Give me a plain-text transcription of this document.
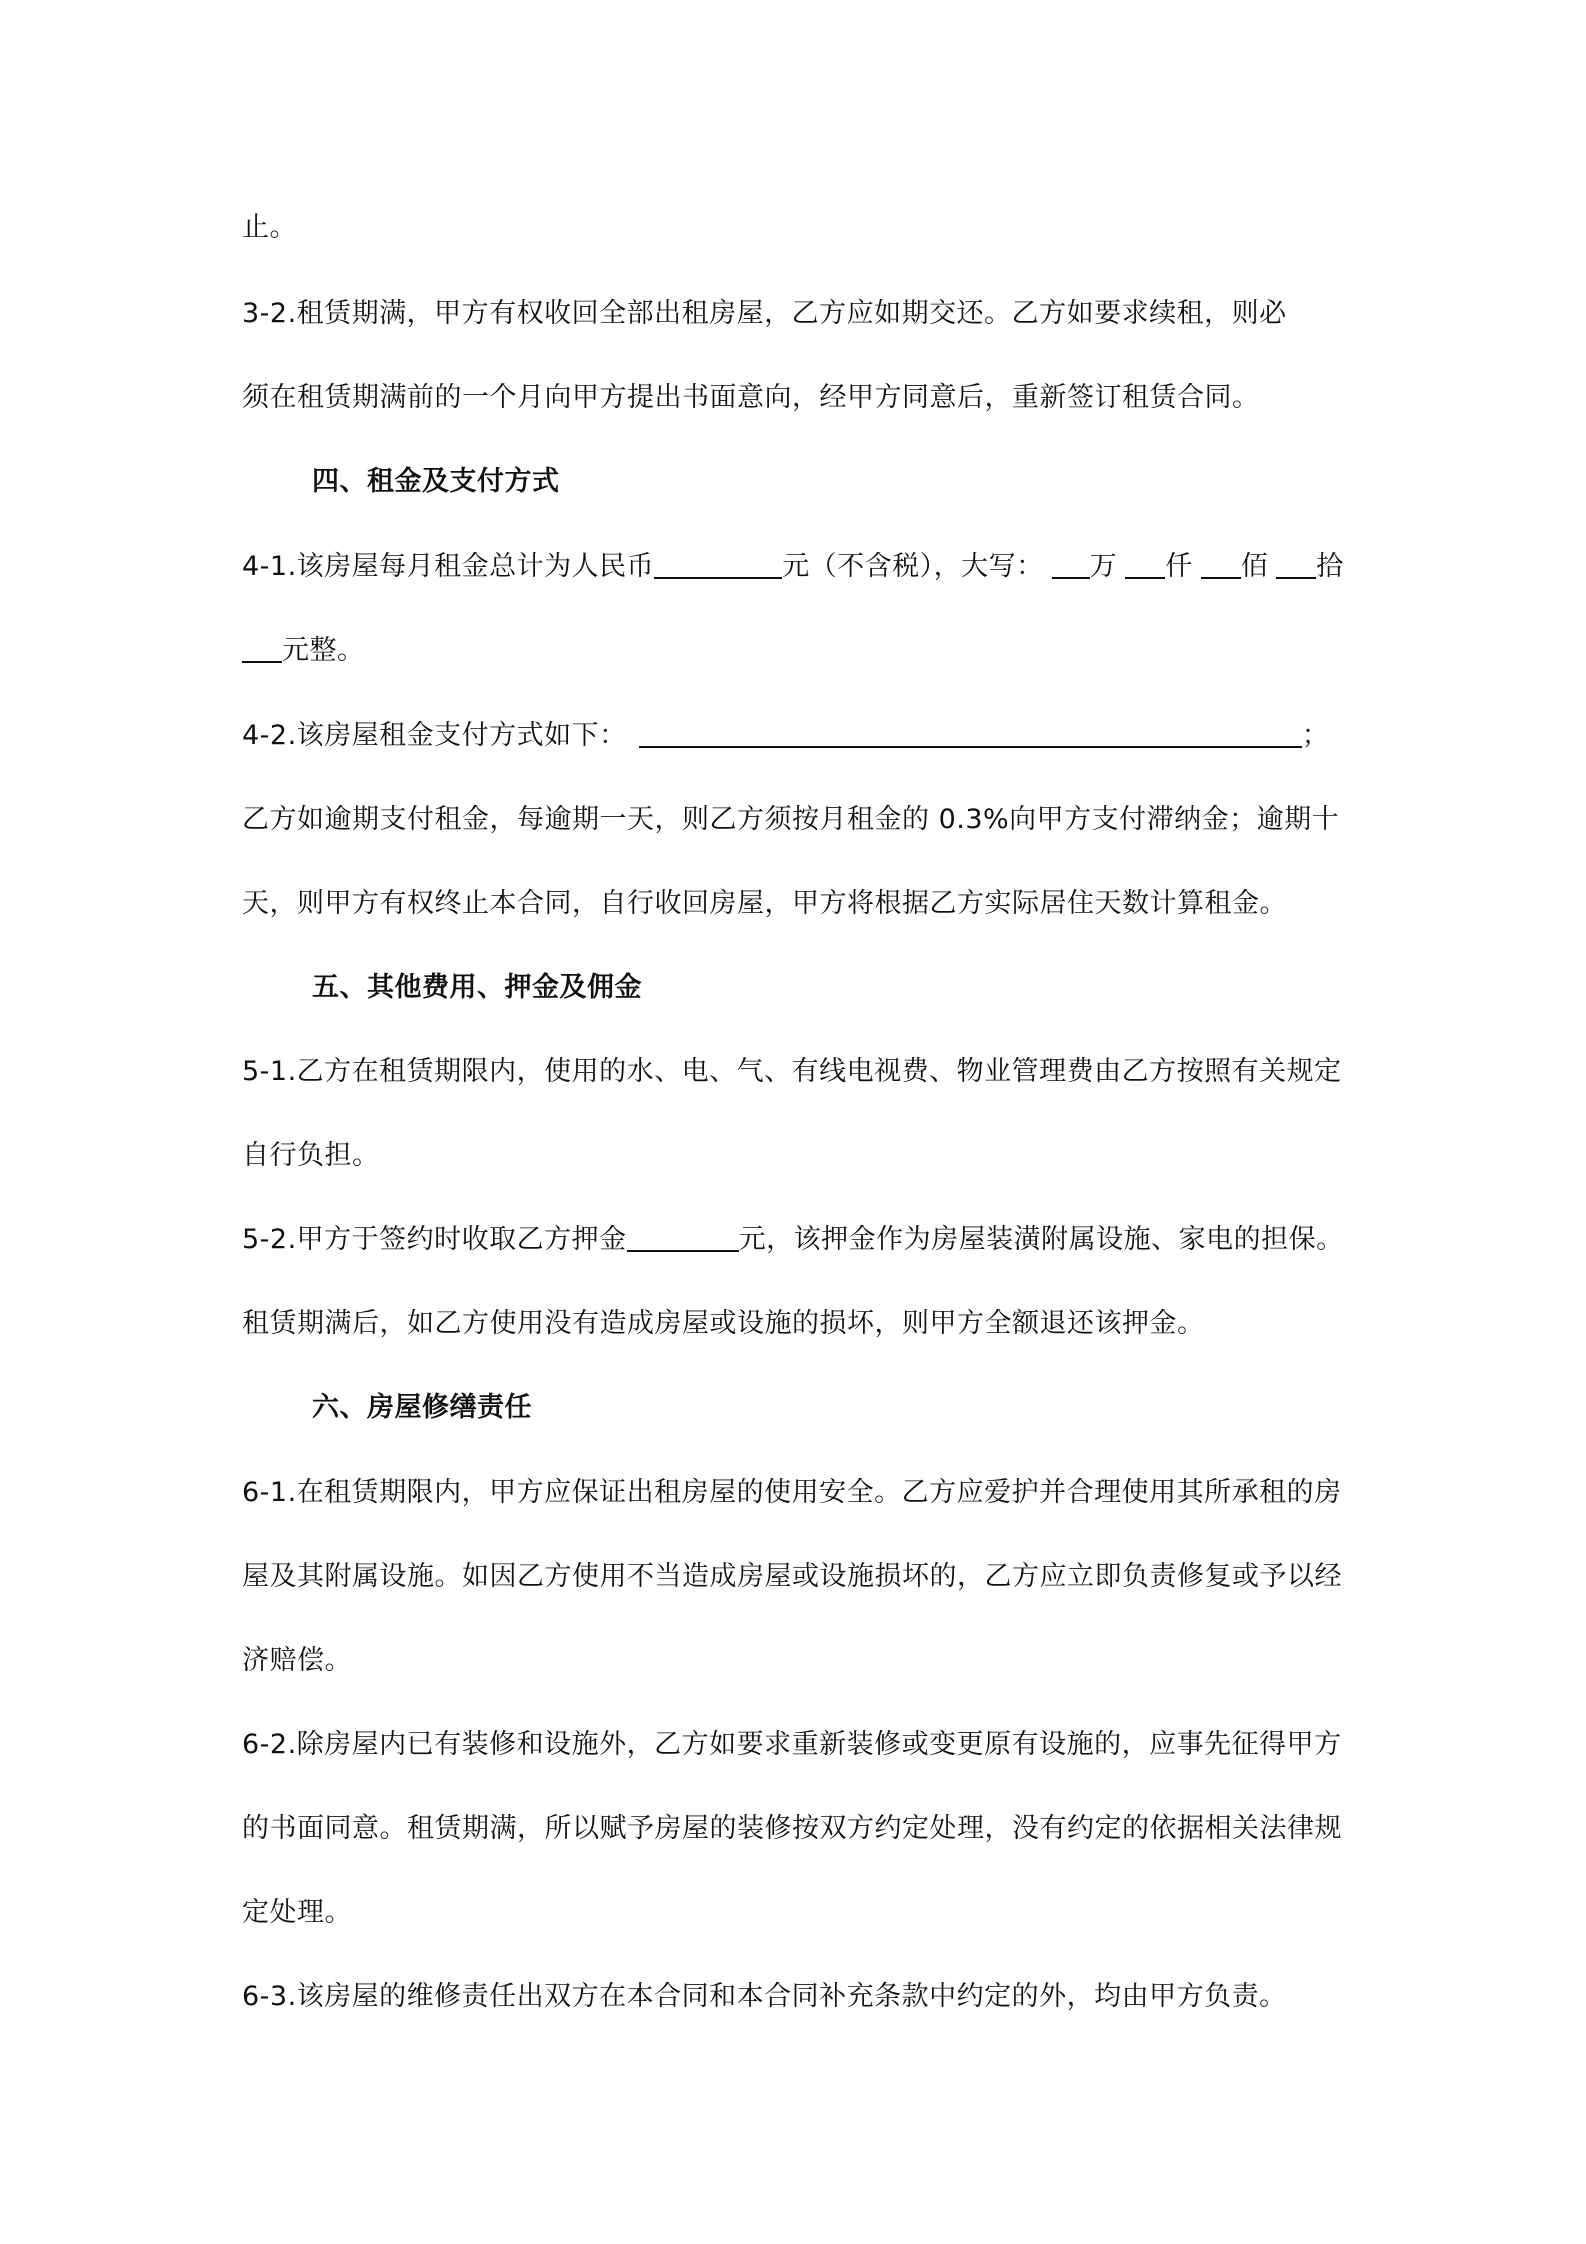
止。
3-2.租赁期满，甲方有权收回全部出租房屋，乙方应如期交还。乙方如要求续租，则必
须在租赁期满前的一个月向甲方提出书面意向，经甲方同意后，重新签订租赁合同。
四、租金及支付方式
4-1.该房屋每月租金总计为人民币	元（不含税），大写： 万 仟 佰 拾
元整。
4-2.该房屋租金支付方式如下：	；
乙方如逾期支付租金，每逾期一天，则乙方须按月租金的 0.3%向甲方支付滞纳金；逾期十
天，则甲方有权终止本合同，自行收回房屋，甲方将根据乙方实际居住天数计算租金。
五、其他费用、押金及佣金
5-1.乙方在租赁期限内，使用的水、电、气、有线电视费、物业管理费由乙方按照有关规定
自行负担。
5-2.甲方于签约时收取乙方押金	元，该押金作为房屋装潢附属设施、家电的担保。
租赁期满后，如乙方使用没有造成房屋或设施的损坏，则甲方全额退还该押金。
六、房屋修缮责任
6-1.在租赁期限内，甲方应保证出租房屋的使用安全。乙方应爱护并合理使用其所承租的房
屋及其附属设施。如因乙方使用不当造成房屋或设施损坏的，乙方应立即负责修复或予以经
济赔偿。
6-2.除房屋内已有装修和设施外，乙方如要求重新装修或变更原有设施的，应事先征得甲方
的书面同意。租赁期满，所以赋予房屋的装修按双方约定处理，没有约定的依据相关法律规
定处理。
6-3.该房屋的维修责任出双方在本合同和本合同补充条款中约定的外，均由甲方负责。
